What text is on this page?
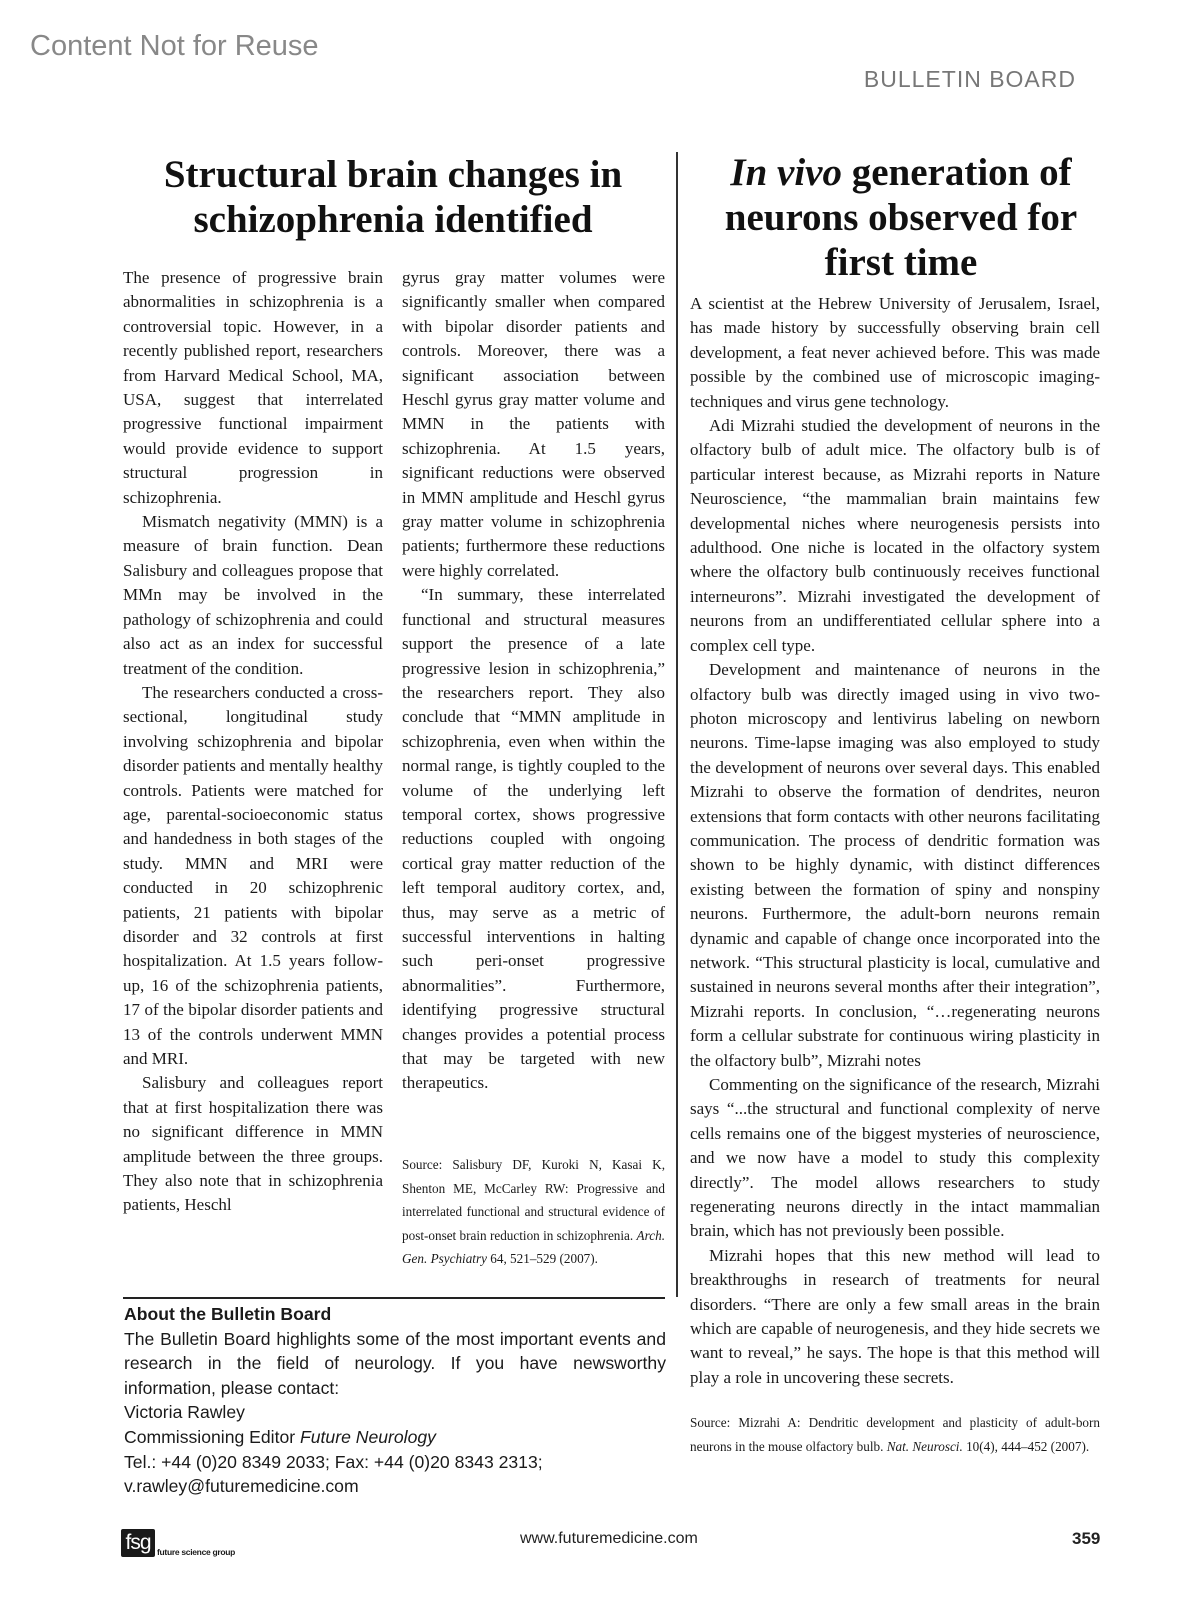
Content Not for Reuse
BULLETIN BOARD
Structural brain changes in schizophrenia identified

The presence of progressive brain abnormalities in schizophrenia is a controversial topic. However, in a recently published report, researchers from Harvard Medical School, MA, USA, suggest that interrelated progressive functional impairment would provide evidence to support structural progression in schizophrenia.

Mismatch negativity (MMN) is a measure of brain function. Dean Salisbury and colleagues propose that MMn may be involved in the pathology of schizophrenia and could also act as an index for successful treatment of the condition.

The researchers conducted a cross-sectional, longitudinal study involving schizophrenia and bipolar disorder patients and mentally healthy controls. Patients were matched for age, parental-socioeconomic status and handedness in both stages of the study. MMN and MRI were conducted in 20 schizophrenic patients, 21 patients with bipolar disorder and 32 controls at first hospitalization. At 1.5 years follow-up, 16 of the schizophrenia patients, 17 of the bipolar disorder patients and 13 of the controls underwent MMN and MRI.

Salisbury and colleagues report that at first hospitalization there was no significant difference in MMN amplitude between the three groups. They also note that in schizophrenia patients, Heschl

gyrus gray matter volumes were significantly smaller when compared with bipolar disorder patients and controls. Moreover, there was a significant association between Heschl gyrus gray matter volume and MMN in the patients with schizophrenia. At 1.5 years, significant reductions were observed in MMN amplitude and Heschl gyrus gray matter volume in schizophrenia patients; furthermore these reductions were highly correlated.

“In summary, these interrelated functional and structural measures support the presence of a late progressive lesion in schizophrenia,” the researchers report. They also conclude that “MMN amplitude in schizophrenia, even when within the normal range, is tightly coupled to the volume of the underlying left temporal cortex, shows progressive reductions coupled with ongoing cortical gray matter reduction of the left temporal auditory cortex, and, thus, may serve as a metric of successful interventions in halting such peri-onset progressive abnormalities”. Furthermore, identifying progressive structural changes provides a potential process that may be targeted with new therapeutics.

Source: Salisbury DF, Kuroki N, Kasai K, Shenton ME, McCarley RW: Progressive and interrelated functional and structural evidence of post-onset brain reduction in schizophrenia. Arch. Gen. Psychiatry 64, 521–529 (2007).

In vivo generation of neurons observed for first time

A scientist at the Hebrew University of Jerusalem, Israel, has made history by successfully observing brain cell development, a feat never achieved before. This was made possible by the combined use of microscopic imaging-techniques and virus gene technology.

Adi Mizrahi studied the development of neurons in the olfactory bulb of adult mice. The olfactory bulb is of particular interest because, as Mizrahi reports in Nature Neuroscience, “the mammalian brain maintains few developmental niches where neurogenesis persists into adulthood. One niche is located in the olfactory system where the olfactory bulb continuously receives functional interneurons”. Mizrahi investigated the development of neurons from an undifferentiated cellular sphere into a complex cell type.

Development and maintenance of neurons in the olfactory bulb was directly imaged using in vivo two-photon microscopy and lentivirus labeling on newborn neurons. Time-lapse imaging was also employed to study the development of neurons over several days. This enabled Mizrahi to observe the formation of dendrites, neuron extensions that form contacts with other neurons facilitating communication. The process of dendritic formation was shown to be highly dynamic, with distinct differences existing between the formation of spiny and nonspiny neurons. Furthermore, the adult-born neurons remain dynamic and capable of change once incorporated into the network. “This structural plasticity is local, cumulative and sustained in neurons several months after their integration”, Mizrahi reports. In conclusion, “…regenerating neurons form a cellular substrate for continuous wiring plasticity in the olfactory bulb”, Mizrahi notes

Commenting on the significance of the research, Mizrahi says “...the structural and functional complexity of nerve cells remains one of the biggest mysteries of neuroscience, and we now have a model to study this complexity directly”. The model allows researchers to study regenerating neurons directly in the intact mammalian brain, which has not previously been possible.

Mizrahi hopes that this new method will lead to breakthroughs in research of treatments for neural disorders. “There are only a few small areas in the brain which are capable of neurogenesis, and they hide secrets we want to reveal,” he says. The hope is that this method will play a role in uncovering these secrets.

Source: Mizrahi A: Dendritic development and plasticity of adult-born neurons in the mouse olfactory bulb. Nat. Neurosci. 10(4), 444–452 (2007).

About the Bulletin Board

The Bulletin Board highlights some of the most important events and research in the field of neurology. If you have newsworthy information, please contact:

Victoria Rawley

Commissioning Editor Future Neurology

Tel.: +44 (0)20 8349 2033; Fax: +44 (0)20 8343 2313;

v.rawley@futuremedicine.com

fsg future science group
www.futuremedicine.com	359
